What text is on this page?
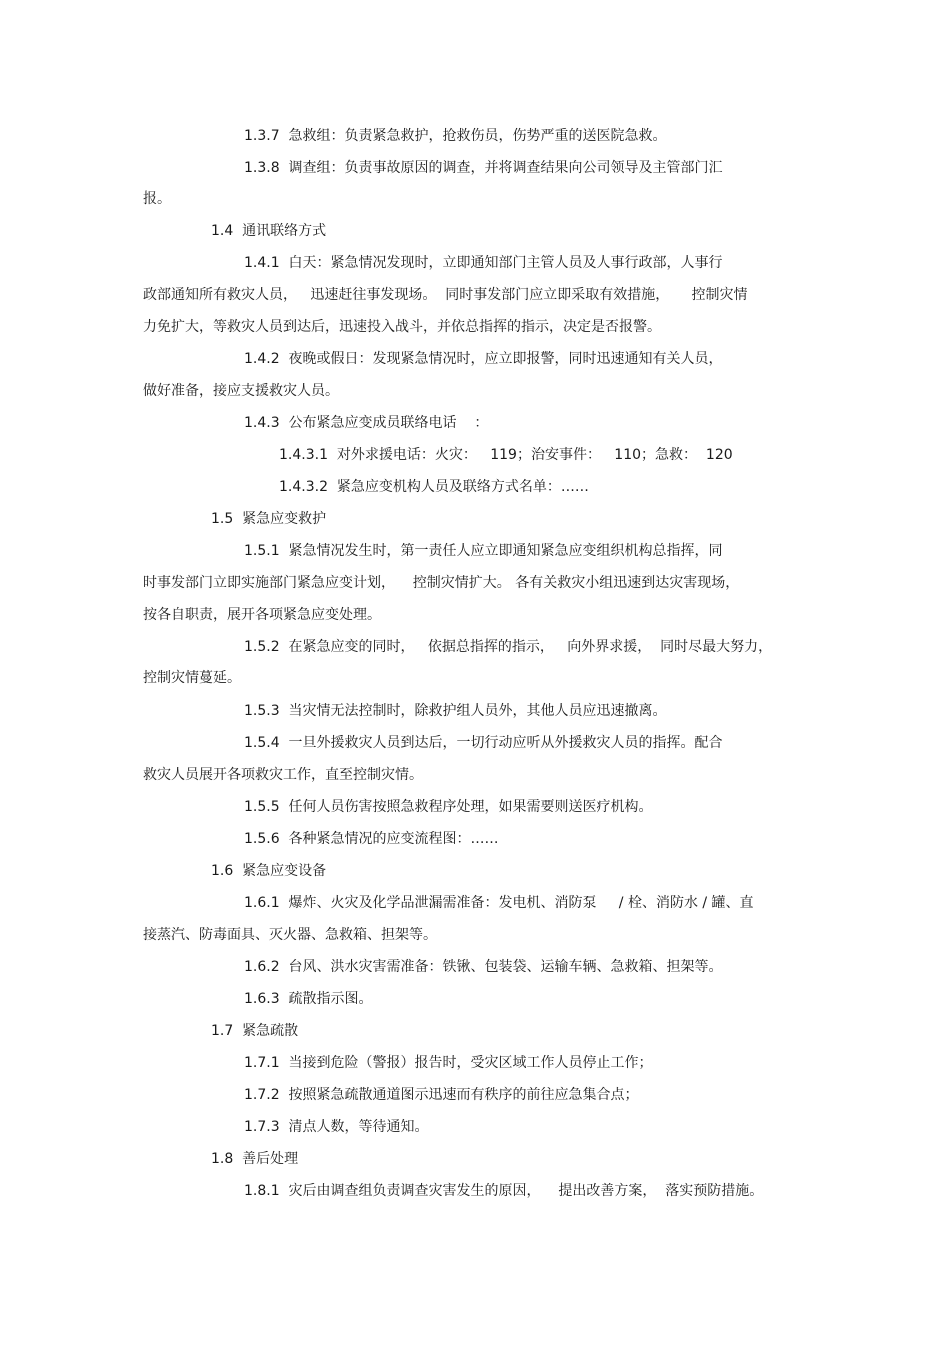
1.3.7  急救组：负责紧急救护，抢救伤员，伤势严重的送医院急救。
1.3.8  调查组：负责事故原因的调查，并将调查结果向公司领导及主管部门汇
报。
1.4  通讯联络方式
1.4.1  白天：紧急情况发现时，立即通知部门主管人员及人事行政部，人事行
政部通知所有救灾人员，   迅速赶往事发现场。  同时事发部门应立即采取有效措施，     控制灾情
力免扩大，等救灾人员到达后，迅速投入战斗，并依总指挥的指示，决定是否报警。
1.4.2  夜晚或假日：发现紧急情况时，应立即报警，同时迅速通知有关人员，
做好准备，接应支援救灾人员。
1.4.3  公布紧急应变成员联络电话    ：
1.4.3.1  对外求援电话：火灾：   119；治安事件：   110；急救：  120
1.4.3.2  紧急应变机构人员及联络方式名单：……
1.5  紧急应变救护
1.5.1  紧急情况发生时，第一责任人应立即通知紧急应变组织机构总指挥，同
时事发部门立即实施部门紧急应变计划，    控制灾情扩大。 各有关救灾小组迅速到达灾害现场，
按各自职责，展开各项紧急应变处理。
1.5.2  在紧急应变的同时，   依据总指挥的指示，   向外界求援，  同时尽最大努力，
控制灾情蔓延。
1.5.3  当灾情无法控制时，除救护组人员外，其他人员应迅速撤离。
1.5.4  一旦外援救灾人员到达后，一切行动应听从外援救灾人员的指挥。配合
救灾人员展开各项救灾工作，直至控制灾情。
1.5.5  任何人员伤害按照急救程序处理，如果需要则送医疗机构。
1.5.6  各种紧急情况的应变流程图：……
1.6  紧急应变设备
1.6.1  爆炸、火灾及化学品泄漏需准备：发电机、消防泵     / 栓、消防水 / 罐、直
接蒸汽、防毒面具、灭火器、急救箱、担架等。
1.6.2  台风、洪水灾害需准备：铁锹、包装袋、运输车辆、急救箱、担架等。
1.6.3  疏散指示图。
1.7  紧急疏散
1.7.1  当接到危险（警报）报告时，受灾区域工作人员停止工作；
1.7.2  按照紧急疏散通道图示迅速而有秩序的前往应急集合点；
1.7.3  清点人数，等待通知。
1.8  善后处理
1.8.1  灾后由调查组负责调查灾害发生的原因，    提出改善方案，  落实预防措施。
